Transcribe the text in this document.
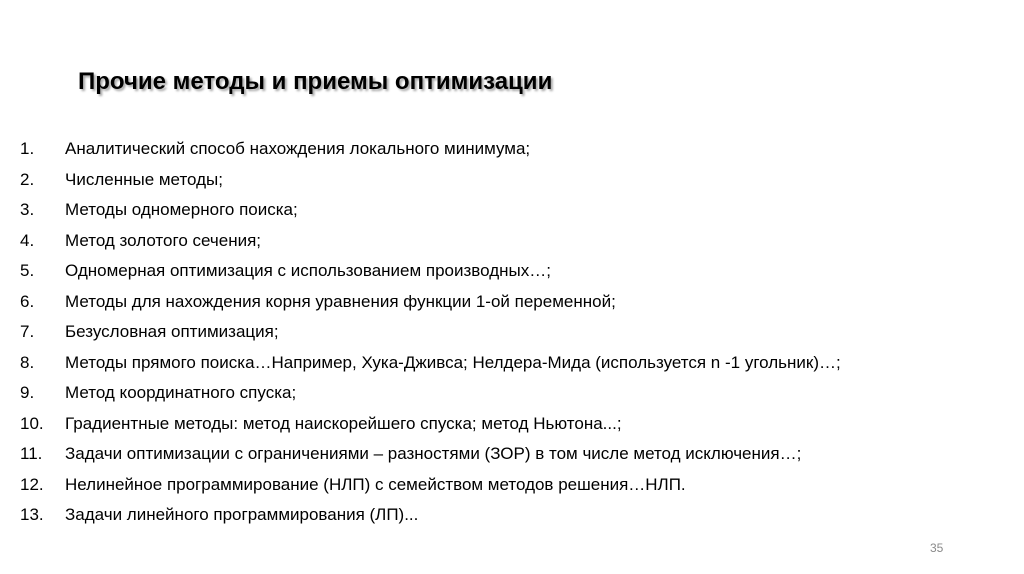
Прочие методы и приемы оптимизации
1. Аналитический способ нахождения локального минимума;
2. Численные методы;
3. Методы одномерного поиска;
4. Метод золотого сечения;
5. Одномерная оптимизация с использованием производных…;
6. Методы для нахождения корня уравнения функции 1-ой переменной;
7. Безусловная оптимизация;
8. Методы прямого поиска…Например, Хука-Дживса; Нелдера-Мида (используется n -1 угольник)…;
9. Метод координатного спуска;
10. Градиентные методы: метод наискорейшего спуска; метод Ньютона...;
11. Задачи оптимизации с ограничениями – разностями (ЗОР) в том числе метод исключения…;
12. Нелинейное программирование (НЛП) с семейством методов решения…НЛП.
13. Задачи линейного программирования (ЛП)...
35
